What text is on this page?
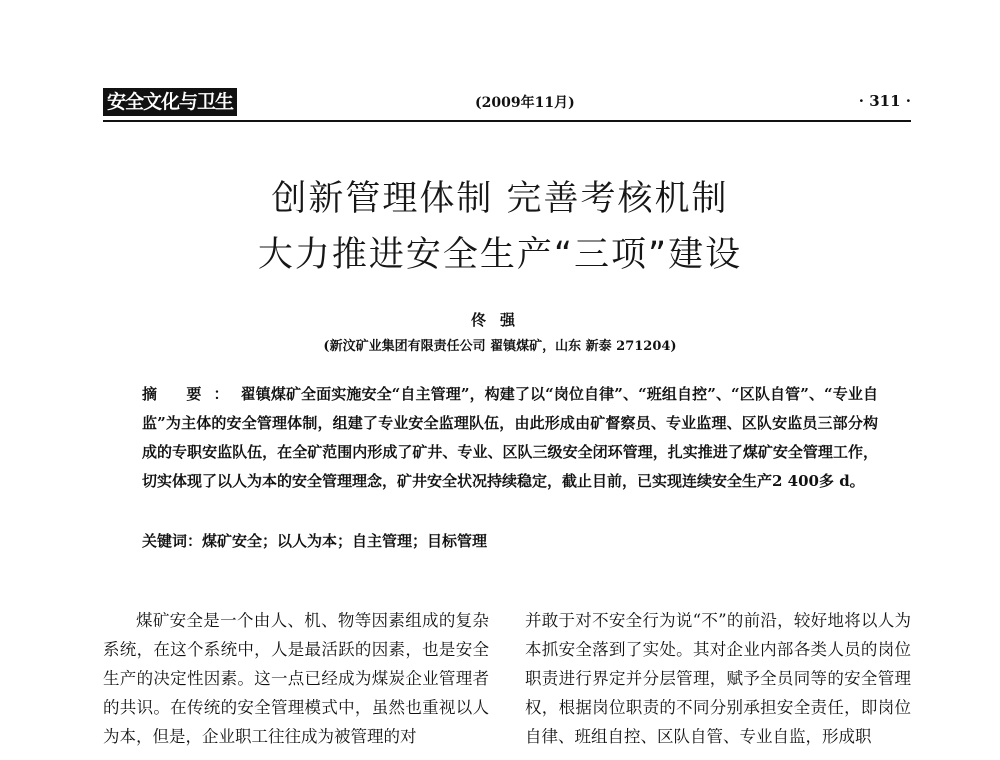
安全文化与卫生	(2009年11月)	· 311 ·
创新管理体制 完善考核机制
大力推进安全生产“三项”建设
佟强
(新汶矿业集团有限责任公司 翟镇煤矿，山东 新泰 271204)
摘 要：翟镇煤矿全面实施安全“自主管理”，构建了以“岗位自律”、“班组自控”、“区队自管”、“专业自监”为主体的安全管理体制，组建了专业安全监理队伍，由此形成由矿督察员、专业监理、区队安监员三部分构成的专职安监队伍，在全矿范围内形成了矿井、专业、区队三级安全闭环管理，扎实推进了煤矿安全管理工作，切实体现了以人为本的安全管理理念，矿井安全状况持续稳定，截止目前，已实现连续安全生产2 400多 d。
关键词：煤矿安全；以人为本；自主管理；目标管理
煤矿安全是一个由人、机、物等因素组成的复杂系统，在这个系统中，人是最活跃的因素，也是安全生产的决定性因素。这一点已经成为煤炭企业管理者的共识。在传统的安全管理模式中，虽然也重视以人为本，但是，企业职工往往成为被管理的对
并敢于对不安全行为说“不”的前沿，较好地将以人为本抓安全落到了实处。其对企业内部各类人员的岗位职责进行界定并分层管理，赋予全员同等的安全管理权，根据岗位职责的不同分别承担安全责任，即岗位自律、班组自控、区队自管、专业自监，形成职
